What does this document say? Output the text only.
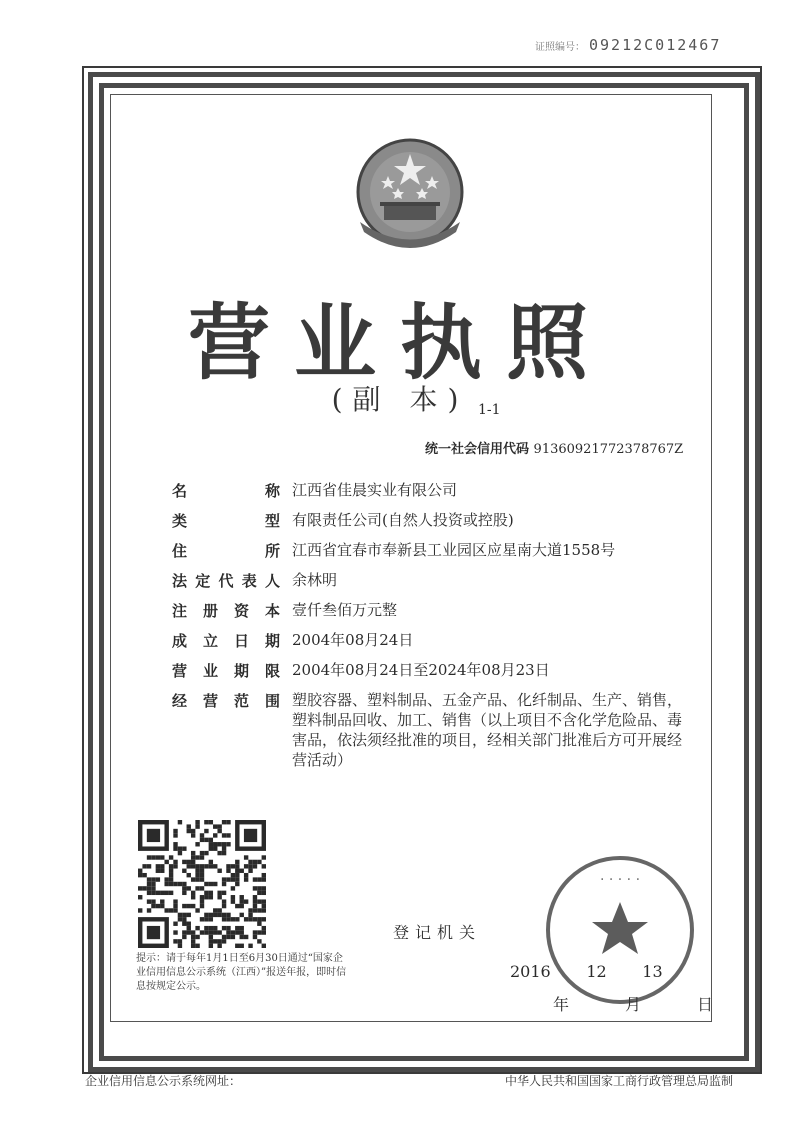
证照编号： 09212C012467
营业执照
(副 本) 1-1
统一社会信用代码 91360921772378767Z
名	称 江西省佳晨实业有限公司
类	型 有限责任公司(自然人投资或控股)
住	所 江西省宜春市奉新县工业园区应星南大道1558号
法 定 代 表 人 余林明
注 册 资 本 壹仟叁佰万元整
成 立 日 期 2004年08月24日
营 业 期 限 2004年08月24日至2024年08月23日
经 营 范 围 塑胶容器、塑料制品、五金产品、化纤制品、生产、销售，塑料制品回收、加工、销售（以上项目不含化学危险品、毒害品，依法须经批准的项目，经相关部门批准后方可开展经营活动）
提示：请于每年1月1日至6月30日通过“国家企业信用信息公示系统（江西）”报送年报，即时信息按规定公示。
登记机关
2016 12 13
年	月	日
· · · · ·
企业信用信息公示系统网址：	中华人民共和国国家工商行政管理总局监制
